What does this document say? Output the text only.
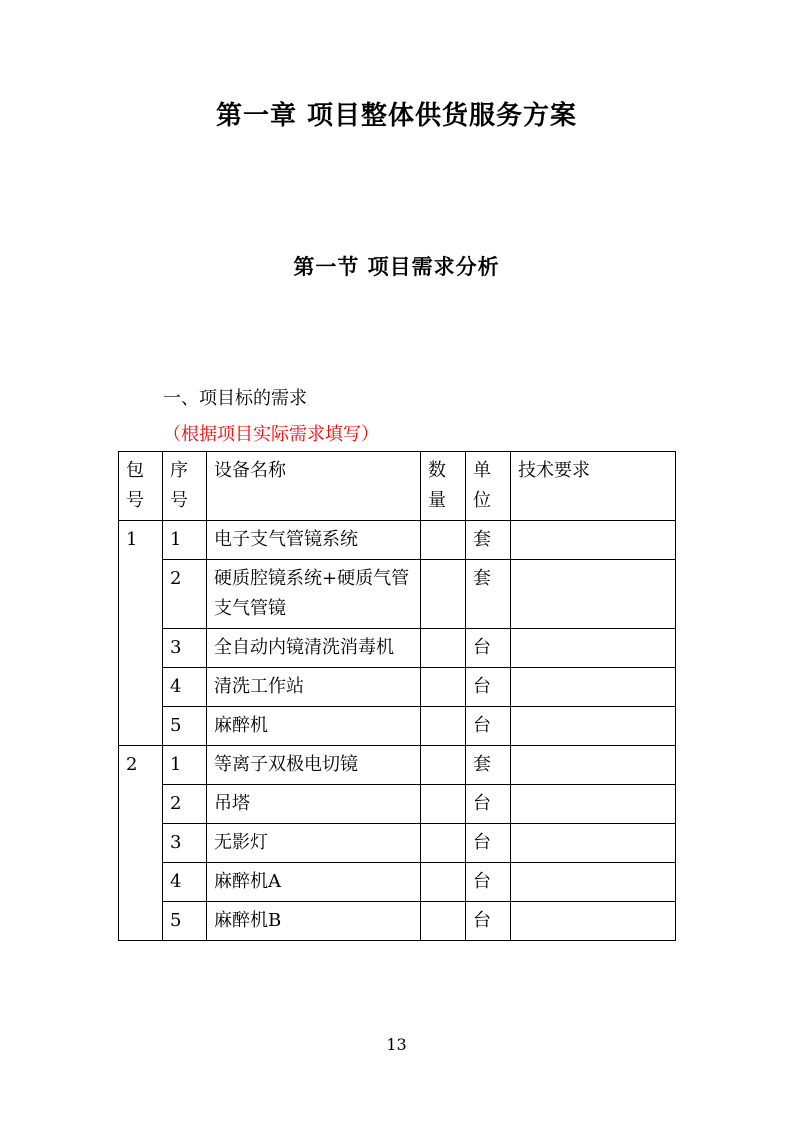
第一章 项目整体供货服务方案
第一节 项目需求分析
一、项目标的需求
（根据项目实际需求填写）
包号	序号	设备名称	数量	单位	技术要求
1	1	电子支气管镜系统		套	
	2	硬质腔镜系统+硬质气管支气管镜		套	
	3	全自动内镜清洗消毒机		台	
	4	清洗工作站		台	
	5	麻醉机		台	
2	1	等离子双极电切镜		套	
	2	吊塔		台	
	3	无影灯		台	
	4	麻醉机A		台	
	5	麻醉机B		台	
13
